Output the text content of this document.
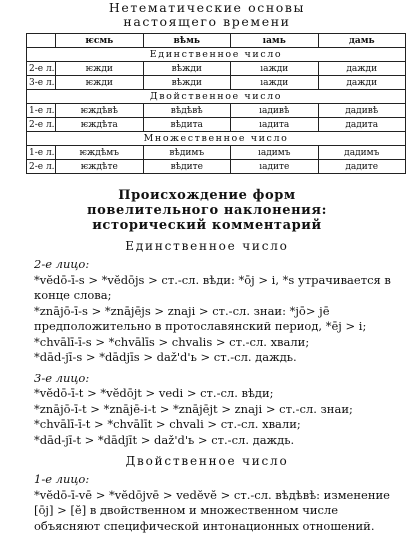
Нетематические основы
настоящего времени
	ѥсмь	вѣмь	ıамь	дамь
Единственное число				
2-е л.	ѥжди	вѣжди	ıажди	дажди
3-е л.	ѥжди	вѣжди	ıажди	дажди
Двойственное число				
1-е л.	ѥждѣвѣ	вѣдѣвѣ	ıадивѣ	дадивѣ
2-е л.	ѥждѣта	вѣдита	ıадита	дадита
Множественное число				
1-е л.	ѥждѣмъ	вѣдимъ	ıадимъ	дадимъ
2-е л.	ѥждѣте	вѣдите	ıадите	дадите
Происхождение форм
повелительного наклонения:
исторический комментарий
Единственное число
2-е лицо:
*vĕdō-ī-s > *vĕdōjs > ст.-сл. вѣди: *ōj > i, *s утрачивается в конце слова;
*znājō-ī-s > *znājējs > znaji > ст.-сл. знаи: *jō> jē предположительно в протославянский период, *ēj > i;
*chvālī-ī-s > *chvālīs > chvalis > ст.-сл. хвали;
*dād-jī-s > *dādjīs > daž'd'ь > ст.-сл. даждь.
3-е лицо:
*vĕdō-ī-t > *vĕdōjt > vedi > ст.-сл. вѣди;
*znājō-ī-t > *znājē-i-t > *znājējt > znaji > ст.-сл. знаи;
*chvālī-ī-t > *chvālīt > chvali > ст.-сл. хвали;
*dād-jī-t > *dādjīt > daž'd'ь > ст.-сл. даждь.
Двойственное число
1-е лицо:
*vĕdō-ī-vē > *vĕdōjvē > vedĕvĕ > ст.-сл. вѣдѣвѣ: изменение [ōj] > [ĕ] в двойственном и множественном числе объясняют специфической интонационных отношений.
